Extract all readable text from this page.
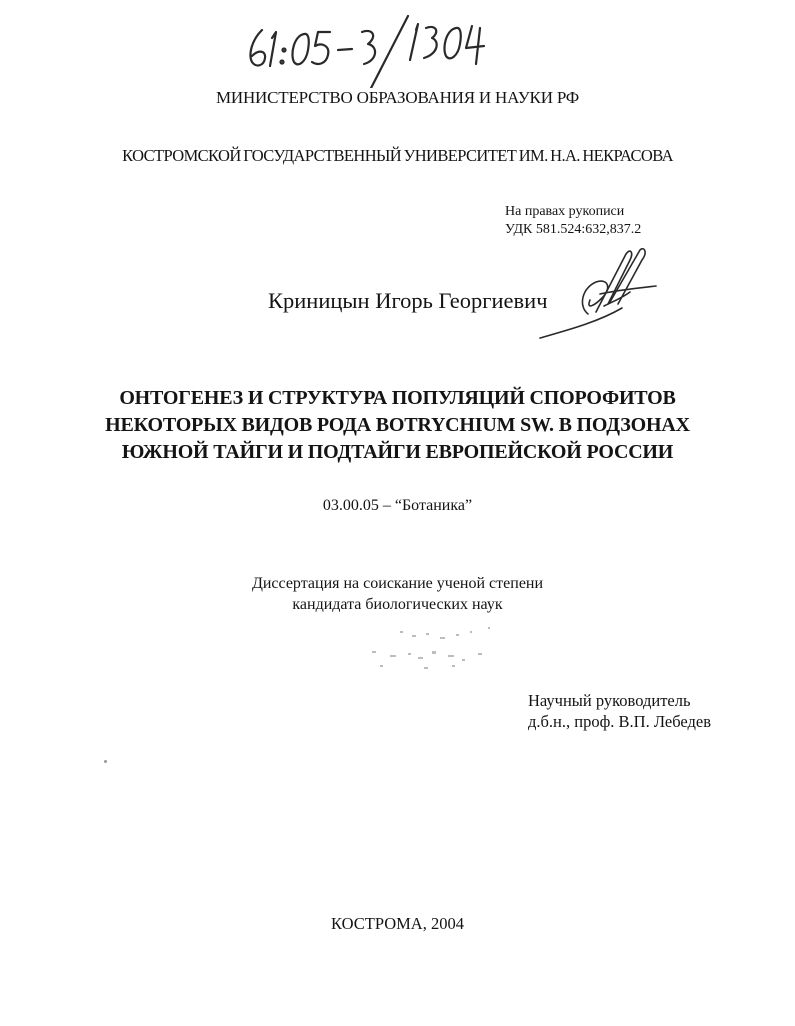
МИНИСТЕРСТВО ОБРАЗОВАНИЯ И НАУКИ РФ
КОСТРОМСКОЙ ГОСУДАРСТВЕННЫЙ УНИВЕРСИТЕТ ИМ. Н.А. НЕКРАСОВА
На правах рукописи
УДК 581.524:632,837.2
Криницын Игорь Георгиевич
ОНТОГЕНЕЗ И СТРУКТУРА ПОПУЛЯЦИЙ СПОРОФИТОВ
НЕКОТОРЫХ ВИДОВ РОДА BOTRYCHIUM SW. В ПОДЗОНАХ
ЮЖНОЙ ТАЙГИ И ПОДТАЙГИ ЕВРОПЕЙСКОЙ РОССИИ
03.00.05 – “Ботаника”
Диссертация на соискание ученой степени
кандидата биологических наук
Научный руководитель
д.б.н., проф. В.П. Лебедев
КОСТРОМА, 2004
